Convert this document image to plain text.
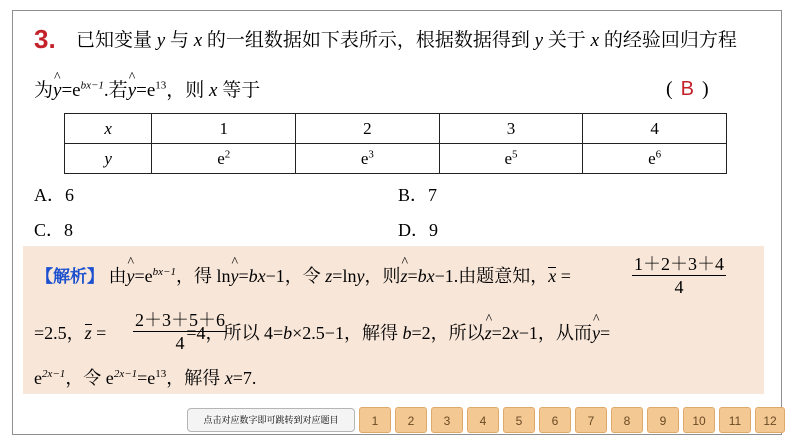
3. 已知变量 y 与 x 的一组数据如下表所示，根据数据得到 y 关于 x 的经验回归方程
为^ $y=e^{bx-1}$.若^ $y=e^{13}$，则 x 等于	( B )
x	1	2	3	4
y	$e^2$	$e^3$	$e^5$	$e^6$
A．6	B．7
C．8	D．9
【解析】 由^ $y=e^{bx-1}$，得 ln^ y=bx−1，令 z=lny，则^ z=bx−1.由题意知，x =	$\frac{1+2+3+4}{4}$
=2.5，z =	=4，所以 4=b×2.5−1，解得 b=2，所以^ z=2x−1，从而^ y=
$\frac{2+3+5+6}{4}$
$e^{2x-1}$，令 $e^{2x-1}=e^{13}$，解得 x=7.
点击对应数字即可跳转到对应题目	1	2	3	4	5	6	7	8	9	10	11	12
